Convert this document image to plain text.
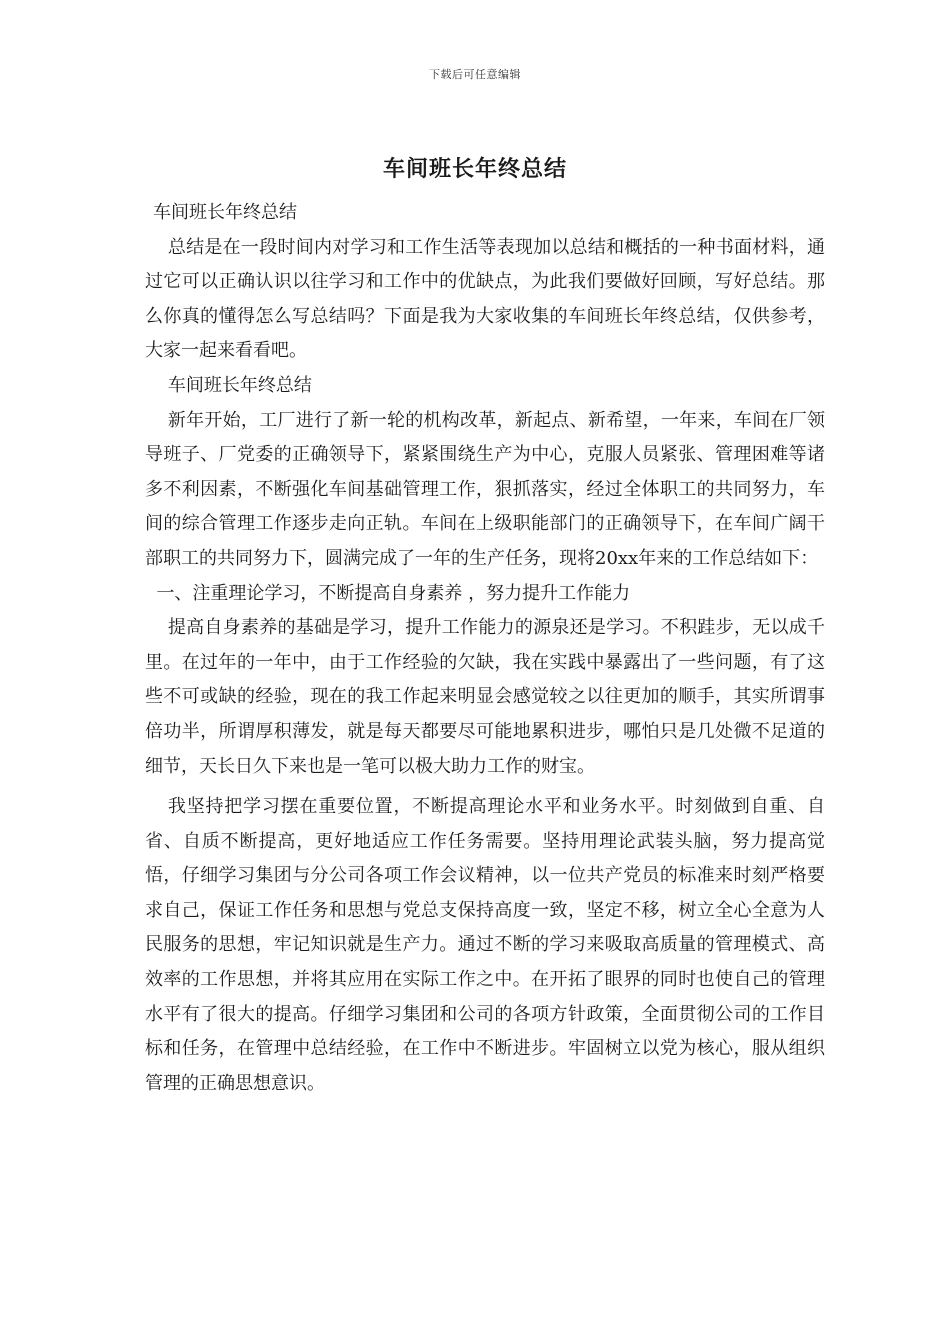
下载后可任意编辑
车间班长年终总结

车间班长年终总结

总结是在一段时间内对学习和工作生活等表现加以总结和概括的一种书面材料，通过它可以正确认识以往学习和工作中的优缺点，为此我们要做好回顾，写好总结。那么你真的懂得怎么写总结吗？下面是我为大家收集的车间班长年终总结，仅供参考，大家一起来看看吧。

车间班长年终总结

新年开始，工厂进行了新一轮的机构改革，新起点、新希望，一年来，车间在厂领导班子、厂党委的正确领导下，紧紧围绕生产为中心，克服人员紧张、管理困难等诸多不利因素，不断强化车间基础管理工作，狠抓落实，经过全体职工的共同努力，车间的综合管理工作逐步走向正轨。车间在上级职能部门的正确领导下，在车间广阔干部职工的共同努力下，圆满完成了一年的生产任务，现将20xx年来的工作总结如下：

一、注重理论学习，不断提高自身素养 ，努力提升工作能力

提高自身素养的基础是学习，提升工作能力的源泉还是学习。不积跬步，无以成千里。在过年的一年中，由于工作经验的欠缺，我在实践中暴露出了一些问题，有了这些不可或缺的经验，现在的我工作起来明显会感觉较之以往更加的顺手，其实所谓事倍功半，所谓厚积薄发，就是每天都要尽可能地累积进步，哪怕只是几处微不足道的细节，天长日久下来也是一笔可以极大助力工作的财宝。

我坚持把学习摆在重要位置，不断提高理论水平和业务水平。时刻做到自重、自省、自质不断提高，更好地适应工作任务需要。坚持用理论武装头脑，努力提高觉悟，仔细学习集团与分公司各项工作会议精神，以一位共产党员的标准来时刻严格要求自己，保证工作任务和思想与党总支保持高度一致，坚定不移，树立全心全意为人民服务的思想，牢记知识就是生产力。通过不断的学习来吸取高质量的管理模式、高效率的工作思想，并将其应用在实际工作之中。在开拓了眼界的同时也使自己的管理水平有了很大的提高。仔细学习集团和公司的各项方针政策，全面贯彻公司的工作目标和任务，在管理中总结经验，在工作中不断进步。牢固树立以党为核心，服从组织管理的正确思想意识。
